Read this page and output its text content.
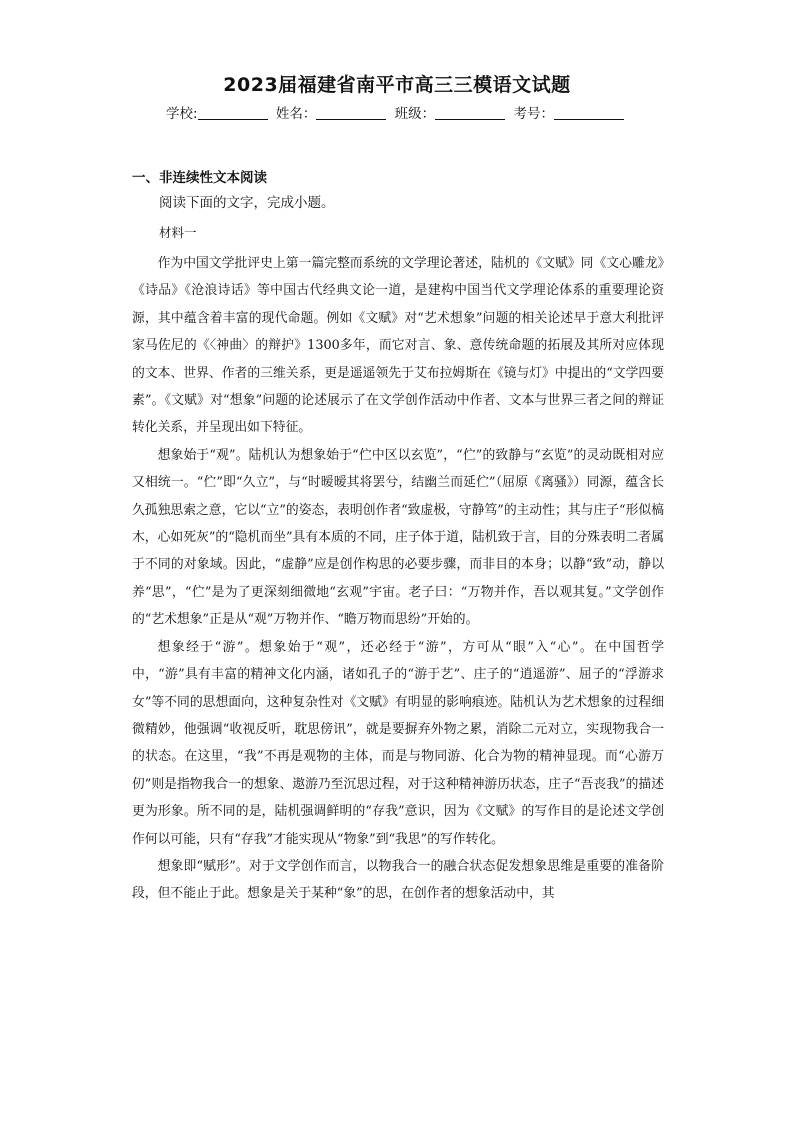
2023届福建省南平市高三三模语文试题
学校:	姓名：	班级：	考号：
一、非连续性文本阅读
阅读下面的文字，完成小题。
材料一

作为中国文学批评史上第一篇完整而系统的文学理论著述，陆机的《文赋》同《文心雕龙》《诗品》《沧浪诗话》等中国古代经典文论一道，是建构中国当代文学理论体系的重要理论资源，其中蕴含着丰富的现代命题。例如《文赋》对“艺术想象”问题的相关论述早于意大利批评家马佐尼的《〈神曲〉的辩护》1300多年，而它对言、象、意传统命题的拓展及其所对应体现的文本、世界、作者的三维关系，更是遥遥领先于艾布拉姆斯在《镜与灯》中提出的“文学四要素”。《文赋》对“想象”问题的论述展示了在文学创作活动中作者、文本与世界三者之间的辩证转化关系，并呈现出如下特征。

想象始于“观”。陆机认为想象始于“伫中区以玄览”，“伫”的致静与“玄览”的灵动既相对应又相统一。“伫”即“久立”，与“时暧暧其将罢兮，结幽兰而延伫”（屈原《离骚》）同源，蕴含长久孤独思索之意，它以“立”的姿态，表明创作者“致虚极，守静笃”的主动性；其与庄子“形似槁木，心如死灰”的“隐机而坐”具有本质的不同，庄子体于道，陆机致于言，目的分殊表明二者属于不同的对象域。因此，“虚静”应是创作构思的必要步骤，而非目的本身；以静“致”动，静以养“思”，“伫”是为了更深刻细微地“玄观”宇宙。老子曰：“万物并作，吾以观其复。”文学创作的“艺术想象”正是从“观”万物并作、“瞻万物而思纷”开始的。

想象经于“游”。想象始于“观”，还必经于“游”，方可从“眼”入“心”。在中国哲学中，“游”具有丰富的精神文化内涵，诸如孔子的“游于艺”、庄子的“逍遥游”、屈子的“浮游求女”等不同的思想面向，这种复杂性对《文赋》有明显的影响痕迹。陆机认为艺术想象的过程细微精妙，他强调“收视反听，耽思傍讯”，就是要摒弃外物之累，消除二元对立，实现物我合一的状态。在这里，“我”不再是观物的主体，而是与物同游、化合为物的精神显现。而“心游万仞”则是指物我合一的想象、遨游乃至沉思过程，对于这种精神游历状态，庄子“吾丧我”的描述更为形象。所不同的是，陆机强调鲜明的“存我”意识，因为《文赋》的写作目的是论述文学创作何以可能，只有“存我”才能实现从“物象”到“我思”的写作转化。

想象即“赋形”。对于文学创作而言，以物我合一的融合状态促发想象思维是重要的准备阶段，但不能止于此。想象是关于某种“象”的思，在创作者的想象活动中，其
